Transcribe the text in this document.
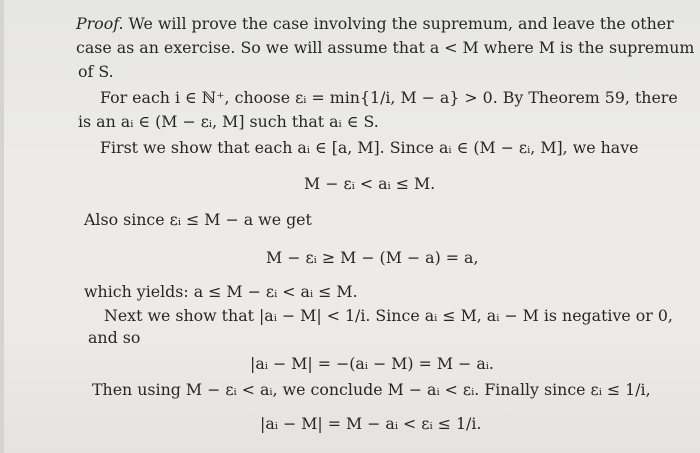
Proof. We will prove the case involving the supremum, and leave the other
case as an exercise. So we will assume that a < M where M is the supremum
of S.
For each i ∈ ℕ⁺, choose εᵢ = min{1/i, M − a} > 0. By Theorem 59, there
is an aᵢ ∈ (M − εᵢ, M] such that aᵢ ∈ S.
First we show that each aᵢ ∈ [a, M]. Since aᵢ ∈ (M − εᵢ, M], we have
M − εᵢ < aᵢ ≤ M.
Also since εᵢ ≤ M − a we get
M − εᵢ ≥ M − (M − a) = a,
which yields: a ≤ M − εᵢ < aᵢ ≤ M.
Next we show that |aᵢ − M| < 1/i. Since aᵢ ≤ M, aᵢ − M is negative or 0,
and so
|aᵢ − M| = −(aᵢ − M) = M − aᵢ.
Then using M − εᵢ < aᵢ, we conclude M − aᵢ < εᵢ. Finally since εᵢ ≤ 1/i,
|aᵢ − M| = M − aᵢ < εᵢ ≤ 1/i.
